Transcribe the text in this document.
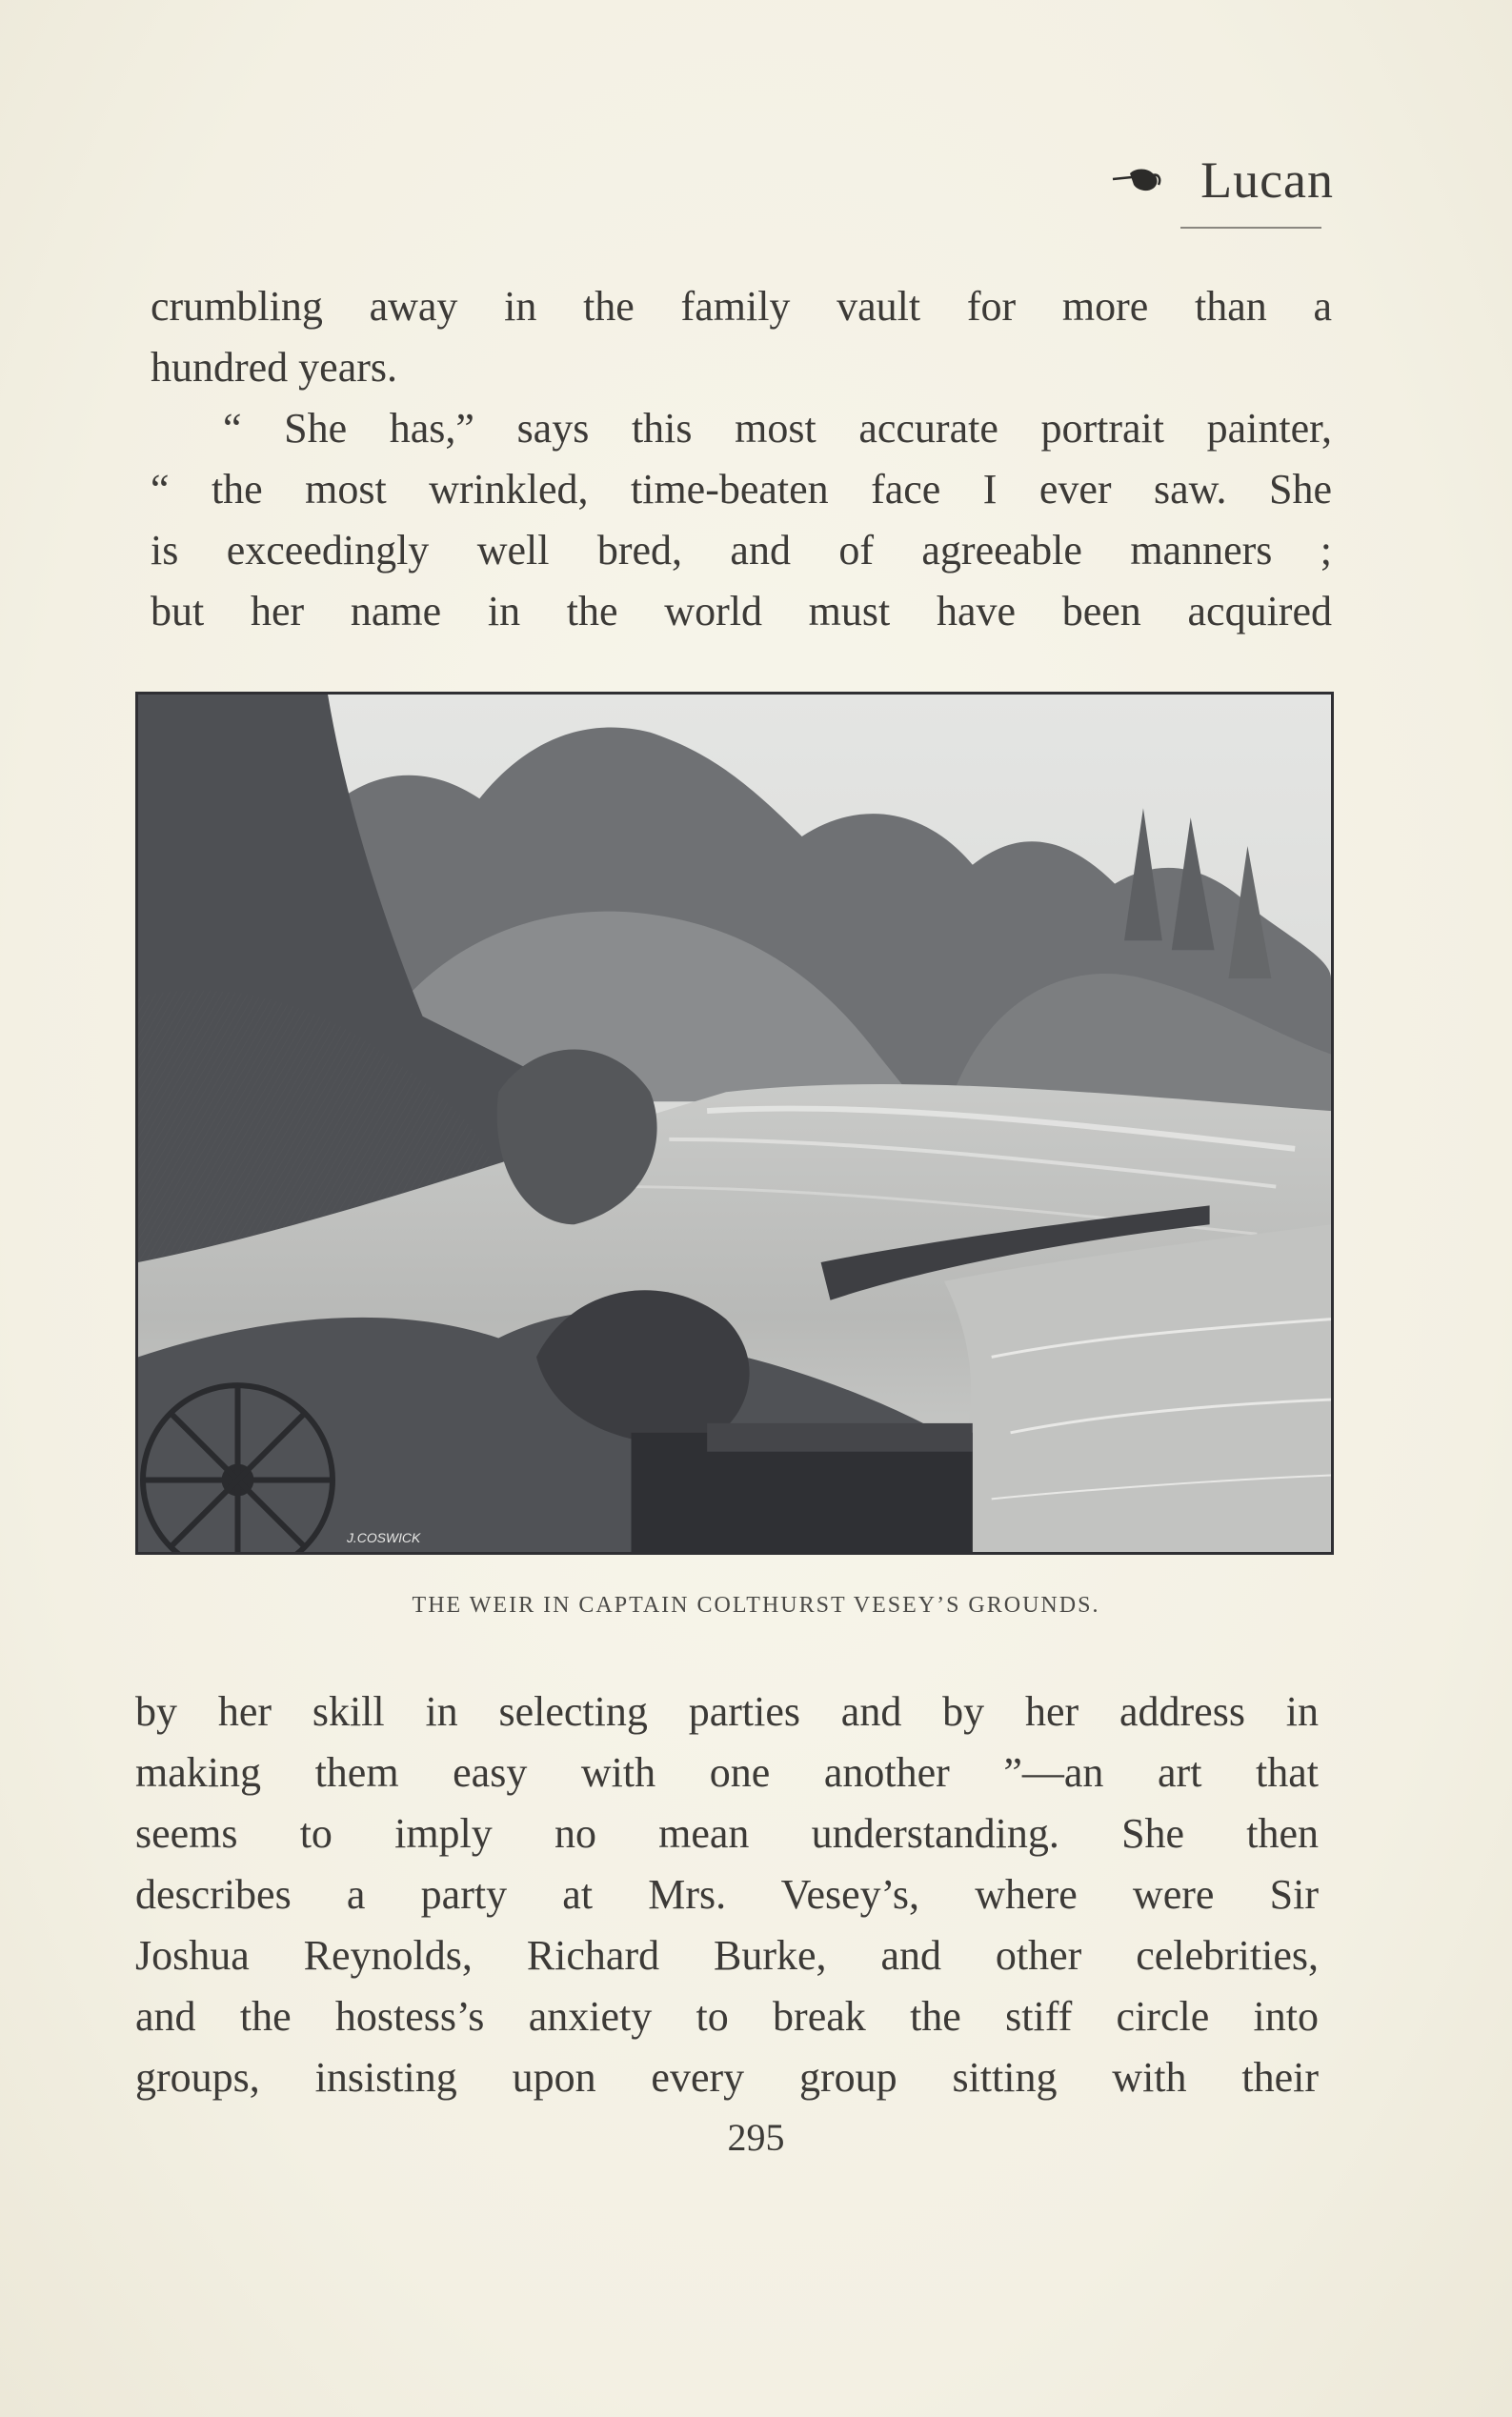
Lucan
crumbling away in the family vault for more than a
hundred years.
“ She has,” says this most accurate portrait painter,
“ the most wrinkled, time-beaten face I ever saw. She
is exceedingly well bred, and of agreeable manners ;
but her name in the world must have been acquired
J.COSWICK
THE WEIR IN CAPTAIN COLTHURST VESEY’S GROUNDS.
by her skill in selecting parties and by her address in
making them easy with one another ”—an art that
seems to imply no mean understanding. She then
describes a party at Mrs. Vesey’s, where were Sir
Joshua Reynolds, Richard Burke, and other celebrities,
and the hostess’s anxiety to break the stiff circle into
groups, insisting upon every group sitting with their
295
